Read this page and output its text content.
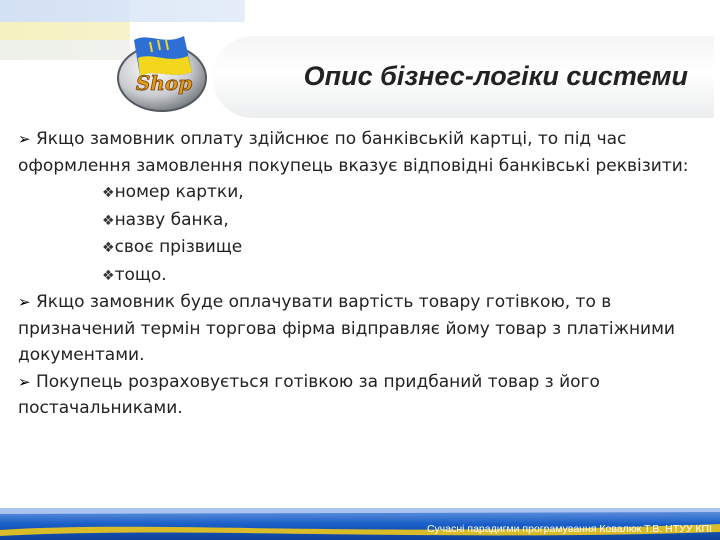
Shop	Опис бізнес-логіки системи

➢ Якщо замовник оплату здійснює по банківській картці, то під час оформлення замовлення покупець вказує відповідні банківські реквізити:

❖номер картки,

❖назву банка,

❖своє прізвище

❖тощо.

➢ Якщо замовник буде оплачувати вартість товару готівкою, то в призначений термін торгова фірма відправляє йому товар з платіжними документами.

➢ Покупець розраховується готівкою за придбаний товар з його постачальниками.

Сучасні парадигми програмування Ковалюк Т.В. НТУУ КПІ
